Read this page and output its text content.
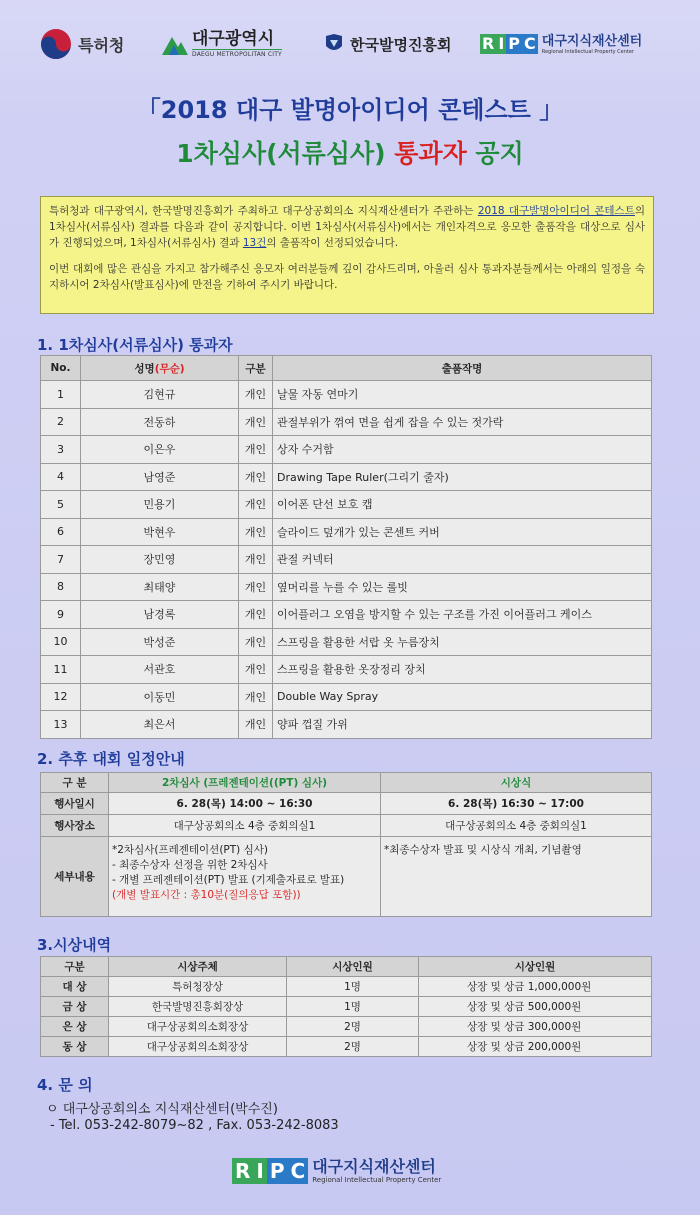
특허청	대구광역시
DAEGU METROPOLITAN CITY
한국발명진흥회 R I P C 대구지식재산센터
Regional Intellectual Property Center
「2018 대구 발명아이디어 콘테스트 」
1차심사(서류심사) 통과자 공지

특허청과 대구광역시, 한국발명진흥회가 주최하고 대구상공회의소 지식재산센터가 주관하는 2018 대구발명아이디어 콘테스트의 1차심사(서류심사) 결과를 다음과 같이 공지합니다. 이번 1차심사(서류심사)에서는 개인자격으로 응모한 출품작을 대상으로 심사가 진행되었으며, 1차심사(서류심사) 결과 13건의 출품작이 선정되었습니다.

이번 대회에 많은 관심을 가지고 참가해주신 응모자 여러분들께 깊이 감사드리며, 아울러 심사 통과자분들께서는 아래의 일정을 숙지하시어 2차심사(발표심사)에 만전을 기하여 주시기 바랍니다.

1. 1차심사(서류심사) 통과자
No.	성명(무순)	구분	출품작명
1	김현규	개인	날물 자동 연마기
2	전동하	개인	관절부위가 꺾여 면을 쉽게 잡을 수 있는 젓가락
3	이은우	개인	상자 수거함
4	남영준	개인	Drawing Tape Ruler(그리기 줄자)
5	민용기	개인	이어폰 단선 보호 캡
6	박현우	개인	슬라이드 덮개가 있는 콘센트 커버
7	장민영	개인	관절 커넥터
8	최태양	개인	옆머리를 누를 수 있는 롤빗
9	남경록	개인	이어플러그 오염을 방지할 수 있는 구조를 가진 이어플러그 케이스
10	박성준	개인	스프링을 활용한 서랍 옷 누름장치
11	서관호	개인	스프링을 활용한 옷장정리 장치
12	이동민	개인	Double Way Spray
13	최은서	개인	양파 껍질 가위
2. 추후 대회 일정안내
구 분	2차심사 (프레젠테이션((PT) 심사)	시상식
행사일시	6. 28(목) 14:00 ~ 16:30	6. 28(목) 16:30 ~ 17:00
행사장소	대구상공회의소 4층 중회의실1	대구상공회의소 4층 중회의실1
세부내용	*2차심사(프레젠테이션(PT) 심사)
- 최종수상자 선정을 위한 2차심사
- 개별 프레젠테이션(PT) 발표 (기제출자료로 발표)
(개별 발표시간 : 총10분(질의응답 포함))	*최종수상자 발표 및 시상식 개최, 기념촬영
3.시상내역
구분	시상주체	시상인원	시상인원
대 상	특허청장상	1명	상장 및 상금 1,000,000원
금 상	한국발명진흥회장상	1명	상장 및 상금 500,000원
은 상	대구상공회의소회장상	2명	상장 및 상금 300,000원
동 상	대구상공회의소회장상	2명	상장 및 상금 200,000원
4. 문 의
ㅇ 대구상공회의소 지식재산센터(박수진)
- Tel. 053-242-8079~82 , Fax. 053-242-8083
R I P C 대구지식재산센터
Regional Intellectual Property Center
